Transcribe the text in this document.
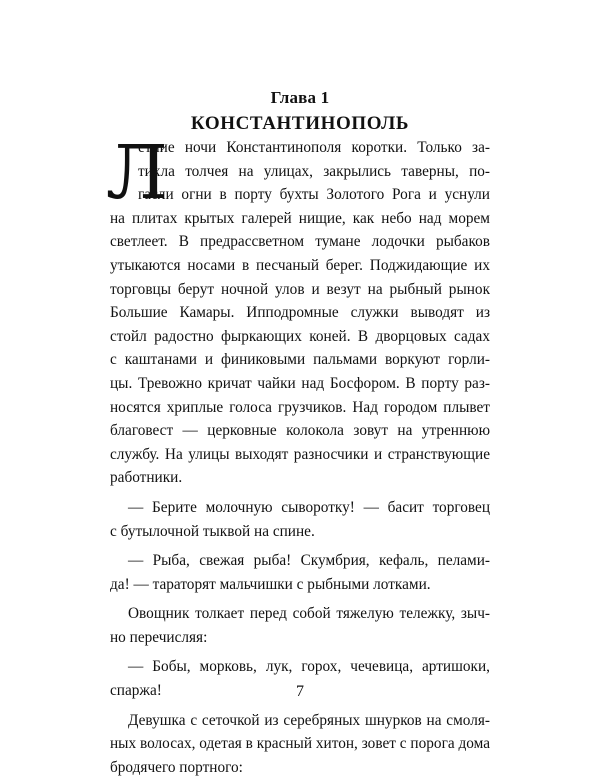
Глава 1
КОНСТАНТИНОПОЛЬ
Л
етние ночи Константинополя коротки. Только за-
тихла толчея на улицах, закрылись таверны, по-
гасли огни в порту бухты Золотого Рога и уснули
на плитах крытых галерей нищие, как небо над морем
светлеет. В предрассветном тумане лодочки рыбаков
утыкаются носами в песчаный берег. Поджидающие их
торговцы берут ночной улов и везут на рыбный рынок
Большие Камары. Ипподромные служки выводят из
стойл радостно фыркающих коней. В дворцовых садах
с каштанами и финиковыми пальмами воркуют горли-
цы. Тревожно кричат чайки над Босфором. В порту раз-
носятся хриплые голоса грузчиков. Над городом плывет
благовест — церковные колокола зовут на утреннюю
службу. На улицы выходят разносчики и странствующие
работники.
— Берите молочную сыворотку! — басит торговец
с бутылочной тыквой на спине.
— Рыба, свежая рыба! Скумбрия, кефаль, пелами-
да! — тараторят мальчишки с рыбными лотками.
Овощник толкает перед собой тяжелую тележку, зыч-
но перечисляя:
— Бобы, морковь, лук, горох, чечевица, артишоки,
спаржа!
Девушка с сеточкой из серебряных шнурков на смоля-
ных волосах, одетая в красный хитон, зовет с порога дома
бродячего портного:
7
